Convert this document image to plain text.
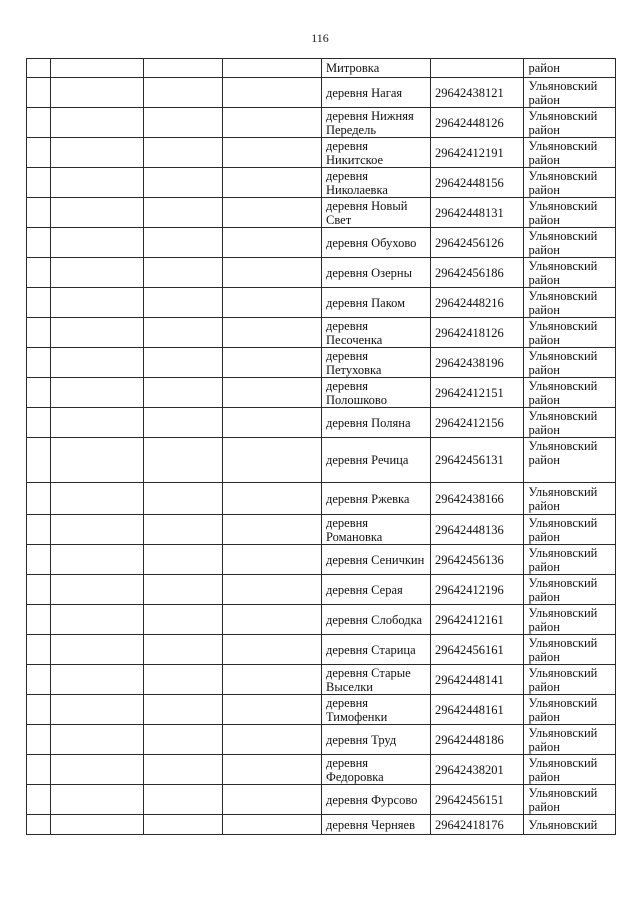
116
				Митровка		район
				деревня Нагая	29642438121	Ульяновский район
				деревня Нижняя Передель	29642448126	Ульяновский район
				деревня Никитское	29642412191	Ульяновский район
				деревня Николаевка	29642448156	Ульяновский район
				деревня Новый Свет	29642448131	Ульяновский район
				деревня Обухово	29642456126	Ульяновский район
				деревня Озерны	29642456186	Ульяновский район
				деревня Паком	29642448216	Ульяновский район
				деревня Песоченка	29642418126	Ульяновский район
				деревня Петуховка	29642438196	Ульяновский район
				деревня Полошково	29642412151	Ульяновский район
				деревня Поляна	29642412156	Ульяновский район
				деревня Речица	29642456131	Ульяновский район
				деревня Ржевка	29642438166	Ульяновский район
				деревня Романовка	29642448136	Ульяновский район
				деревня Сеничкин	29642456136	Ульяновский район
				деревня Серая	29642412196	Ульяновский район
				деревня Слободка	29642412161	Ульяновский район
				деревня Старица	29642456161	Ульяновский район
				деревня Старые Выселки	29642448141	Ульяновский район
				деревня Тимофенки	29642448161	Ульяновский район
				деревня Труд	29642448186	Ульяновский район
				деревня Федоровка	29642438201	Ульяновский район
				деревня Фурсово	29642456151	Ульяновский район
				деревня Черняев	29642418176	Ульяновский
